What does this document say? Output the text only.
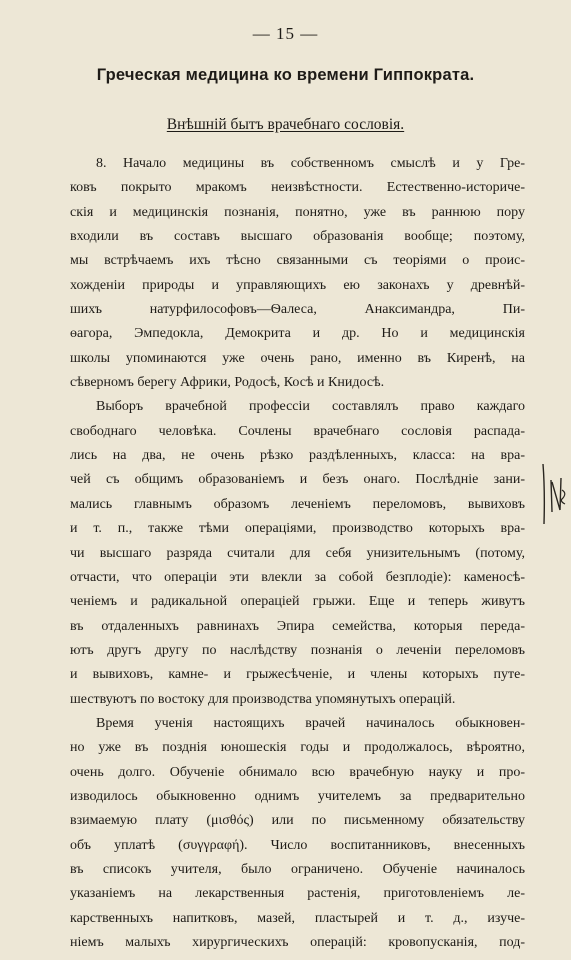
— 15 —
Греческая медицина ко времени Гиппократа.
Внѣшній бытъ врачебнаго сословія.
8. Начало медицины въ собственномъ смыслѣ и у Гре-
ковъ покрыто мракомъ неизвѣстности. Естественно-историче-
скія и медицинскія познанія, понятно, уже въ раннюю пору
входили въ составъ высшаго образованія вообще; поэтому,
мы встрѣчаемъ ихъ тѣсно связанными съ теоріями о проис-
хожденіи природы и управляющихъ ею законахъ у древнѣй-
шихъ натурфилософовъ—Ѳалеса, Анаксимандра, Пи-
ѳагора, Эмпедокла, Демокрита и др. Но и медицинскія
школы упоминаются уже очень рано, именно въ Киренѣ, на
сѣверномъ берегу Африки, Родосѣ, Косѣ и Книдосѣ.
Выборъ врачебной профессіи составлялъ право каждаго
свободнаго человѣка. Сочлены врачебнаго сословія распада-
лись на два, не очень рѣзко раздѣленныхъ, класса: на вра-
чей съ общимъ образованіемъ и безъ онаго. Послѣдніе зани-
мались главнымъ образомъ леченіемъ переломовъ, вывиховъ
и т. п., также тѣми операціями, производство которыхъ вра-
чи высшаго разряда считали для себя унизительнымъ (потому,
отчасти, что операціи эти влекли за собой безплодіе): каменосѣ-
ченіемъ и радикальной операціей грыжи. Еще и теперь живутъ
въ отдаленныхъ равнинахъ Эпира семейства, которыя переда-
ютъ другъ другу по наслѣдству познанія о леченіи переломовъ
и вывиховъ, камне- и грыжесѣченіе, и члены которыхъ путе-
шествуютъ по востоку для производства упомянутыхъ операцій.
Время ученія настоящихъ врачей начиналось обыкновен-
но уже въ позднія юношескія годы и продолжалось, вѣроятно,
очень долго. Обученіе обнимало всю врачебную науку и про-
изводилось обыкновенно однимъ учителемъ за предварительно
взимаемую плату (μισθός) или по письменному обязательству
объ уплатѣ (συγγραφή). Число воспитанниковъ, внесенныхъ
въ списокъ учителя, было ограничено. Обученіе начиналось
указаніемъ на лекарственныя растенія, приготовленіемъ ле-
карственныхъ напитковъ, мазей, пластырей и т. д., изуче-
ніемъ малыхъ хирургическихъ операцій: кровопусканія, под-
